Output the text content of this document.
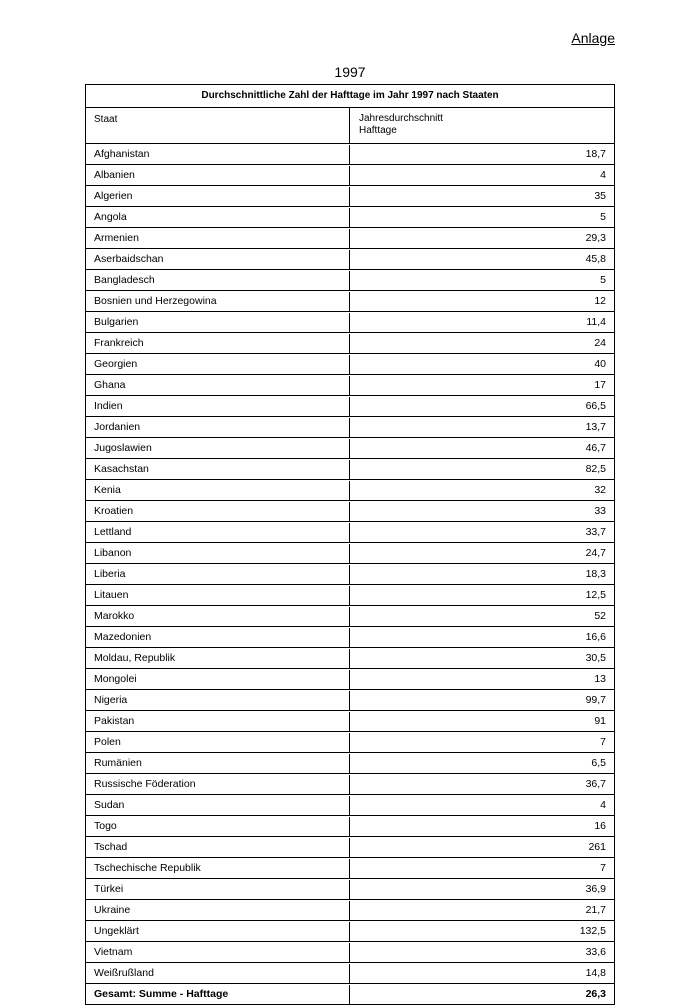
Anlage
1997
Durchschnittliche Zahl der Hafttage im Jahr 1997 nach Staaten
Staat	Jahresdurchschnitt
Hafttage
Afghanistan	18,7
Albanien	4
Algerien	35
Angola	5
Armenien	29,3
Aserbaidschan	45,8
Bangladesch	5
Bosnien und Herzegowina	12
Bulgarien	11,4
Frankreich	24
Georgien	40
Ghana	17
Indien	66,5
Jordanien	13,7
Jugoslawien	46,7
Kasachstan	82,5
Kenia	32
Kroatien	33
Lettland	33,7
Libanon	24,7
Liberia	18,3
Litauen	12,5
Marokko	52
Mazedonien	16,6
Moldau, Republik	30,5
Mongolei	13
Nigeria	99,7
Pakistan	91
Polen	7
Rumänien	6,5
Russische Föderation	36,7
Sudan	4
Togo	16
Tschad	261
Tschechische Republik	7
Türkei	36,9
Ukraine	21,7
Ungeklärt	132,5
Vietnam	33,6
Weißrußland	14,8
Gesamt: Summe - Hafttage	26,3
